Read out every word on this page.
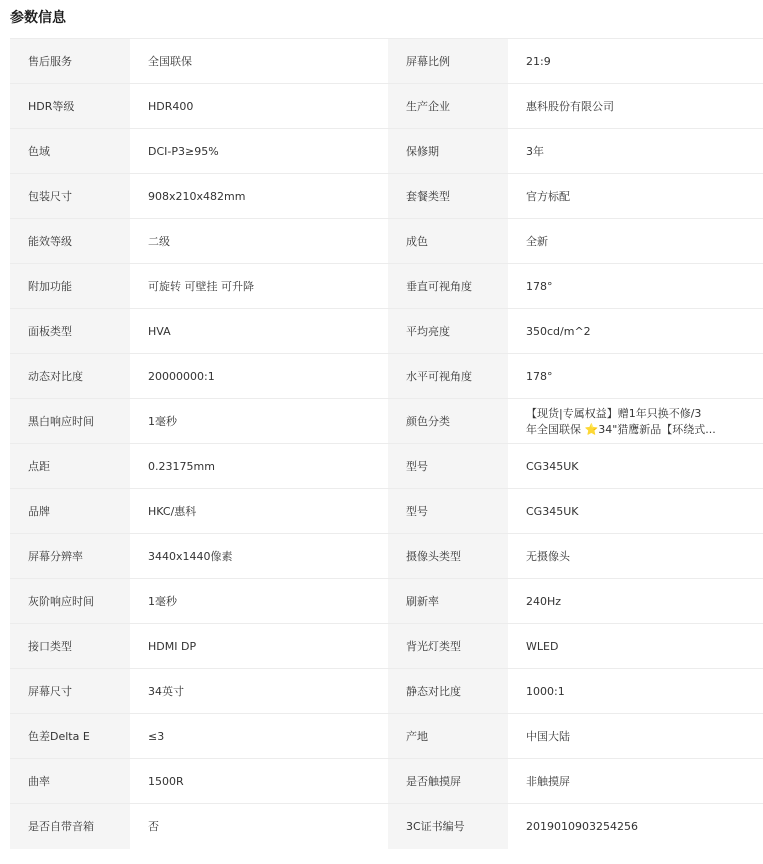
参数信息
售后服务	全国联保	屏幕比例	21:9
HDR等级	HDR400	生产企业	惠科股份有限公司
色域	DCI-P3≥95%	保修期	3年
包装尺寸	908x210x482mm	套餐类型	官方标配
能效等级	二级	成色	全新
附加功能	可旋转 可壁挂 可升降	垂直可视角度	178°
面板类型	HVA	平均亮度	350cd/m^2
动态对比度	20000000:1	水平可视角度	178°
黑白响应时间	1毫秒	颜色分类	【现货|专属权益】赠1年只换不修/3
年全国联保 ⭐34"猎鹰新品【环绕式...
点距	0.23175mm	型号	CG345UK
品牌	HKC/惠科	型号	CG345UK
屏幕分辨率	3440x1440像素	摄像头类型	无摄像头
灰阶响应时间	1毫秒	刷新率	240Hz
接口类型	HDMI DP	背光灯类型	WLED
屏幕尺寸	34英寸	静态对比度	1000:1
色差Delta E	≤3	产地	中国大陆
曲率	1500R	是否触摸屏	非触摸屏
是否自带音箱	否	3C证书编号	2019010903254256
